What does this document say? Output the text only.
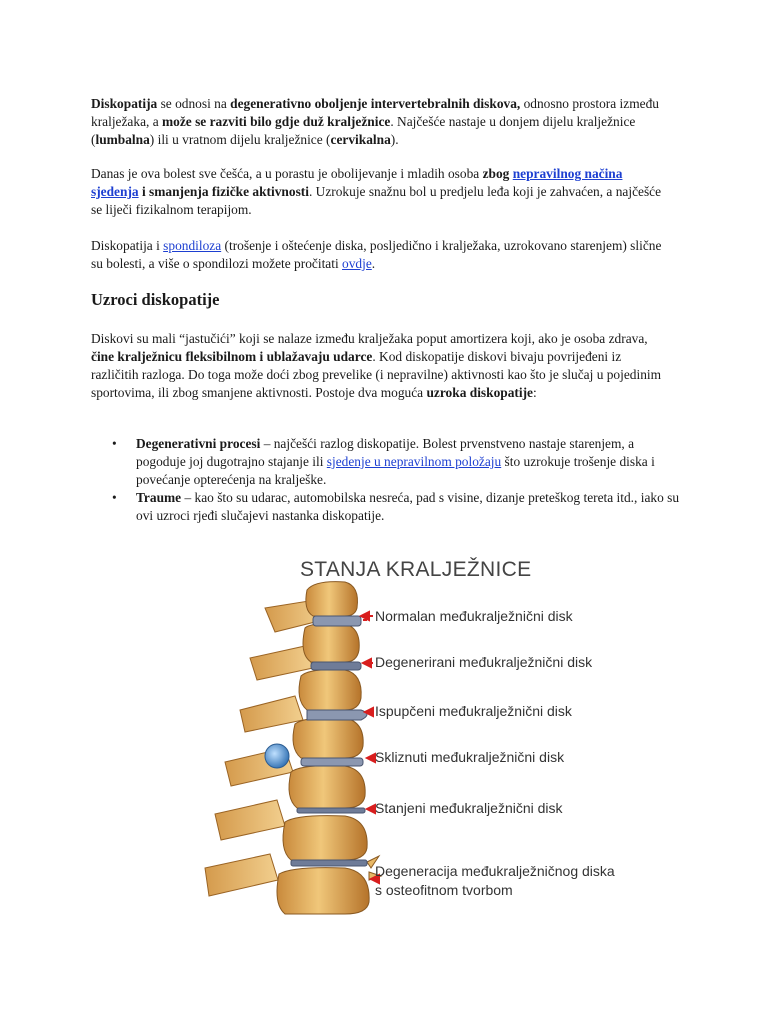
Diskopatija se odnosi na degenerativno oboljenje intervertebralnih diskova, odnosno prostora između kralježaka, a može se razviti bilo gdje duž kralježnice. Najčešće nastaje u donjem dijelu kralježnice (lumbalna) ili u vratnom dijelu kralježnice (cervikalna).

Danas je ova bolest sve češća, a u porastu je obolijevanje i mladih osoba zbog nepravilnog načina sjedenja i smanjenja fizičke aktivnosti. Uzrokuje snažnu bol u predjelu leđa koji je zahvaćen, a najčešće se liječi fizikalnom terapijom.

Diskopatija i spondiloza (trošenje i oštećenje diska, posljedično i kralježaka, uzrokovano starenjem) slične su bolesti, a više o spondilozi možete pročitati ovdje.

Uzroci diskopatije

Diskovi su mali “jastučići” koji se nalaze između kralježaka poput amortizera koji, ako je osoba zdrava, čine kralježnicu fleksibilnom i ublažavaju udarce. Kod diskopatije diskovi bivaju povrijeđeni iz različitih razloga. Do toga može doći zbog prevelike (i nepravilne) aktivnosti kao što je slučaj u pojedinim sportovima, ili zbog smanjene aktivnosti. Postoje dva moguća uzroka diskopatije:

• Degenerativni procesi – najčešći razlog diskopatije. Bolest prvenstveno nastaje starenjem, a pogoduje joj dugotrajno stajanje ili sjedenje u nepravilnom položaju što uzrokuje trošenje diska i povećanje opterećenja na kralješke.
• Traume – kao što su udarac, automobilska nesreća, pad s visine, dizanje preteškog tereta itd., iako su ovi uzroci rjeđi slučajevi nastanka diskopatije.
STANJA KRALJEŽNICE
Normalan međukralježnični disk
Degenerirani međukralježnični disk
Ispupčeni međukralježnični disk
Skliznuti međukralježnični disk
Stanjeni međukralježnični disk
Degeneracija međukralježničnog diska
s osteofitnom tvorbom
